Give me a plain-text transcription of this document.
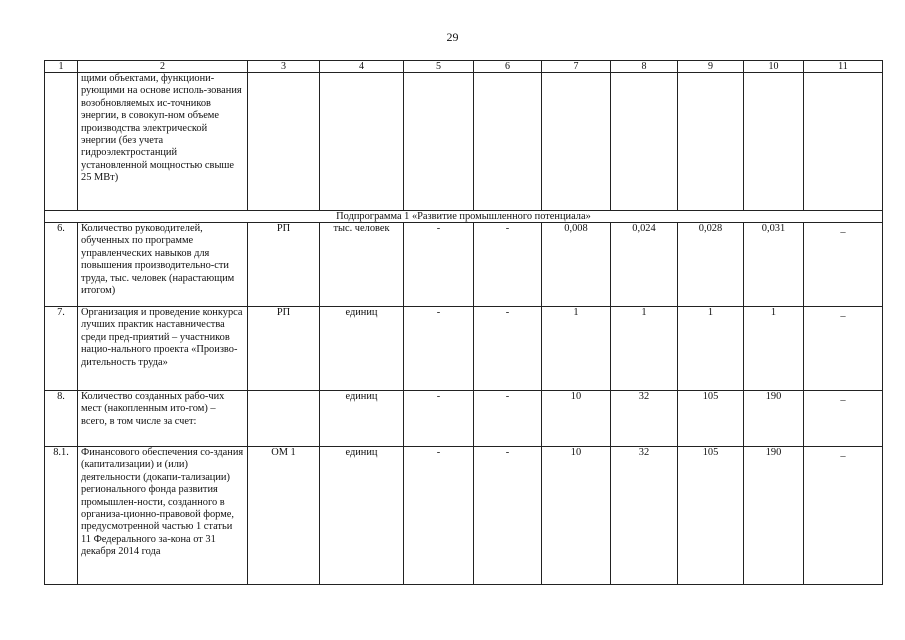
29
1	2	3	4	5	6	7	8	9	10	11
	щими объектами, функциони-рующими на основе исполь-зования возобновляемых ис-точников энергии, в совокуп-ном объеме производства электрической энергии (без учета гидроэлектростанций установленной мощностью свыше 25 МВт)									
Подпрограмма 1 «Развитие промышленного потенциала»										
6.	Количество руководителей, обученных по программе управленческих навыков для повышения производительно-сти труда, тыс. человек (нарастающим итогом)	РП	тыс. человек	-	-	0,008	0,024	0,028	0,031	_
7.	Организация и проведение конкурса лучших практик наставничества среди пред-приятий – участников нацио-нального проекта «Произво-дительность труда»	РП	единиц	-	-	1	1	1	1	_
8.	Количество созданных рабо-чих мест (накопленным ито-гом) – всего, в том числе за счет:		единиц	-	-	10	32	105	190	_
8.1.	Финансового обеспечения со-здания (капитализации) и (или) деятельности (докапи-тализации) регионального фонда развития промышлен-ности, созданного в организа-ционно-правовой форме, предусмотренной частью 1 статьи 11 Федерального за-кона от 31 декабря 2014 года	ОМ 1	единиц	-	-	10	32	105	190	_
